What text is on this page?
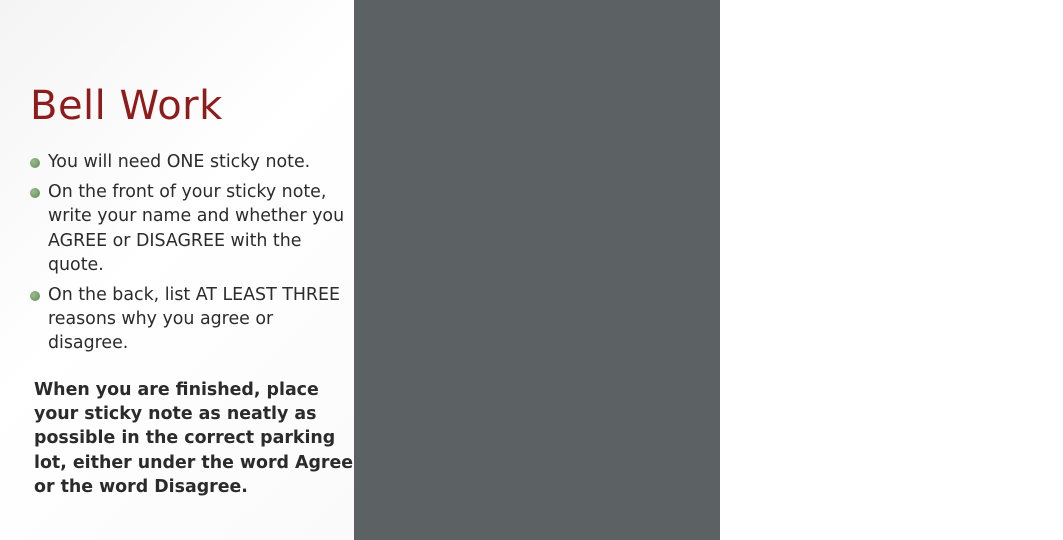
Bell Work
You will need ONE sticky note.
On the front of your sticky note, write your name and whether you AGREE or DISAGREE with the quote.
On the back, list AT LEAST THREE reasons why you agree or disagree.

When you are finished, place your sticky note as neatly as possible in the correct parking lot, either under the word Agree or the word Disagree.

This is a note found on CUNY Graduate Center graduate student teacher Kyla Bender-Baird’s course syllabus:

“It is my goal in this class to create a safe environment in which we examine our assumptions . . . Discomfort can be part of the learning process as we are challenged to shift our paradigms*. I invite you to sit with this discomfort. However, if the discomfort starts to turn to distress, I want you to take care of yourself. You can withdraw from an activity or even leave the classroom.”

*paradigm: A typical example or pattern of something; a model
